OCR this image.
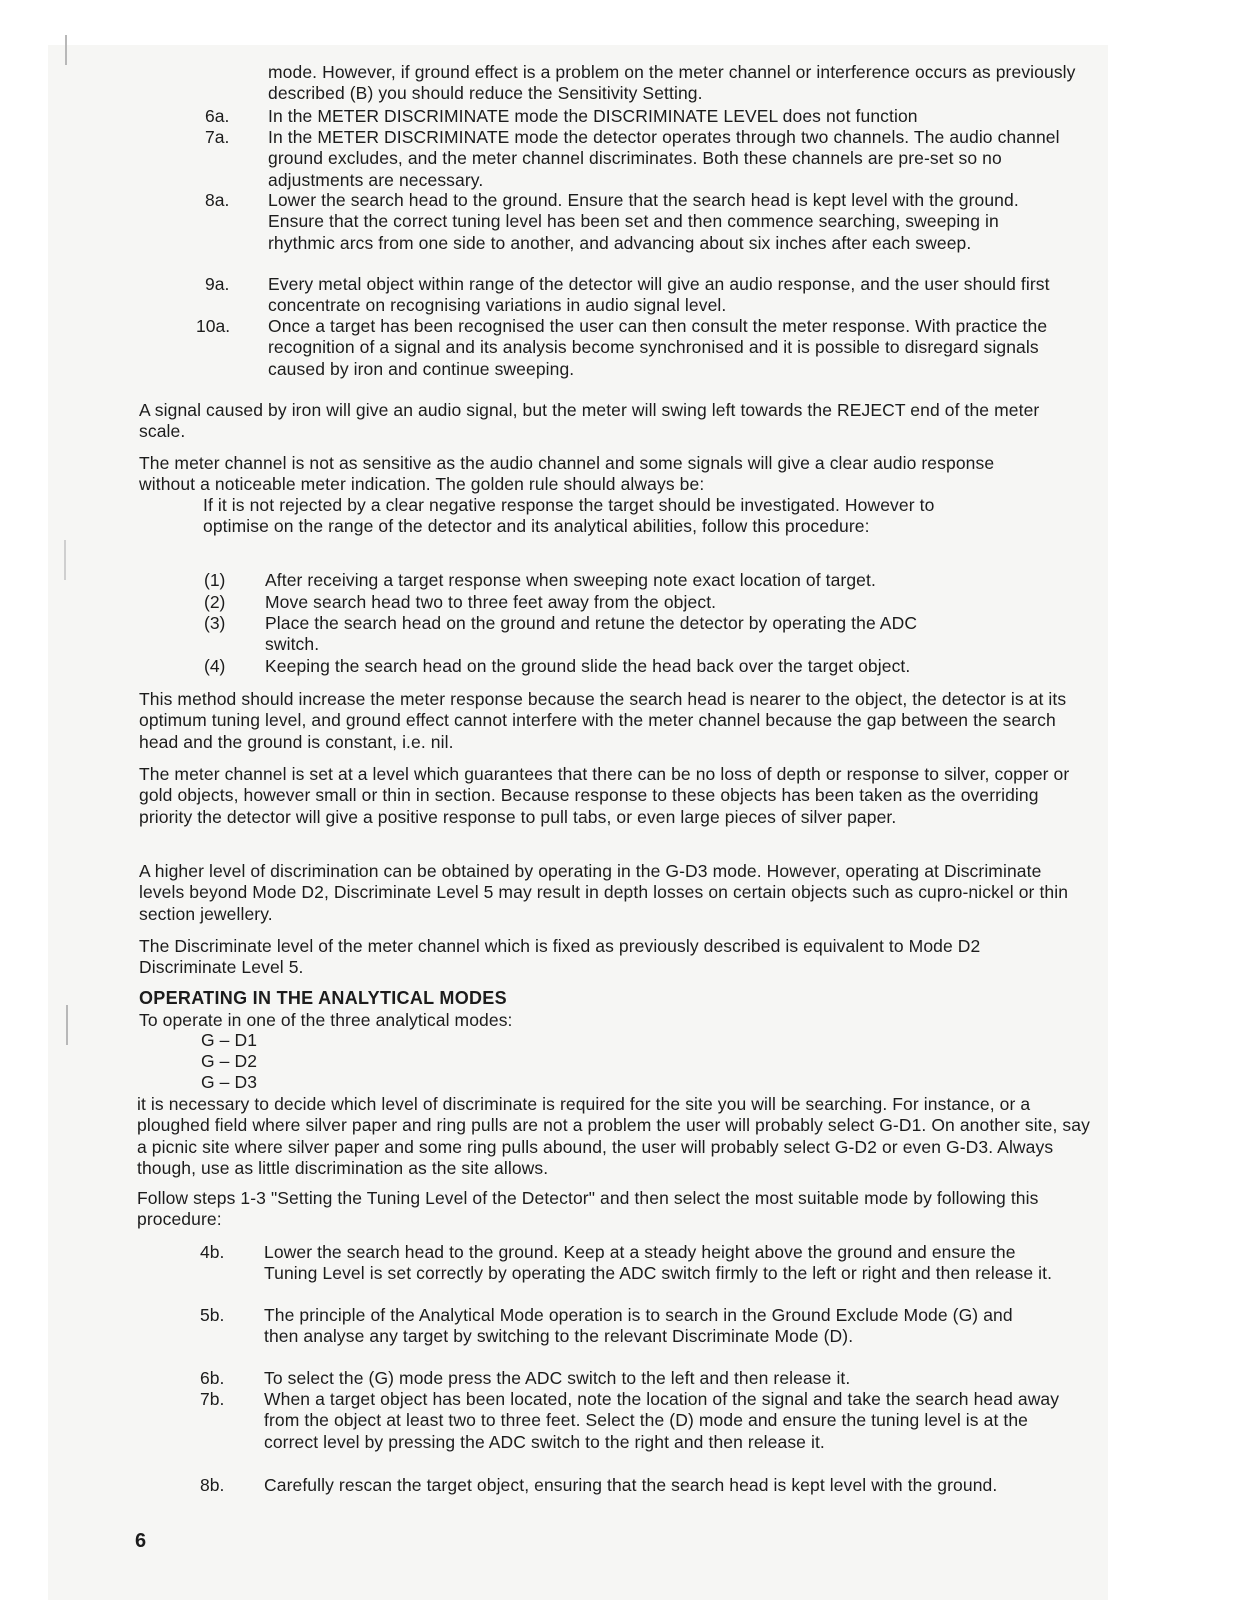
mode. However, if ground effect is a problem on the meter channel or interference occurs as previously described (B) you should reduce the Sensitivity Setting.
6a. In the METER DISCRIMINATE mode the DISCRIMINATE LEVEL does not function
7a. In the METER DISCRIMINATE mode the detector operates through two channels. The audio channel ground excludes, and the meter channel discriminates. Both these channels are pre-set so no adjustments are necessary.
8a. Lower the search head to the ground. Ensure that the search head is kept level with the ground. Ensure that the correct tuning level has been set and then commence searching, sweeping in rhythmic arcs from one side to another, and advancing about six inches after each sweep.
9a. Every metal object within range of the detector will give an audio response, and the user should first concentrate on recognising variations in audio signal level.
10a. Once a target has been recognised the user can then consult the meter response. With practice the recognition of a signal and its analysis become synchronised and it is possible to disregard signals caused by iron and continue sweeping.
A signal caused by iron will give an audio signal, but the meter will swing left towards the REJECT end of the meter scale.
The meter channel is not as sensitive as the audio channel and some signals will give a clear audio response without a noticeable meter indication. The golden rule should always be:
If it is not rejected by a clear negative response the target should be investigated. However to optimise on the range of the detector and its analytical abilities, follow this procedure:
(1) After receiving a target response when sweeping note exact location of target.
(2) Move search head two to three feet away from the object.
(3) Place the search head on the ground and retune the detector by operating the ADC switch.
(4) Keeping the search head on the ground slide the head back over the target object.
This method should increase the meter response because the search head is nearer to the object, the detector is at its optimum tuning level, and ground effect cannot interfere with the meter channel because the gap between the search head and the ground is constant, i.e. nil.
The meter channel is set at a level which guarantees that there can be no loss of depth or response to silver, copper or gold objects, however small or thin in section. Because response to these objects has been taken as the overriding priority the detector will give a positive response to pull tabs, or even large pieces of silver paper.
A higher level of discrimination can be obtained by operating in the G-D3 mode. However, operating at Discriminate levels beyond Mode D2, Discriminate Level 5 may result in depth losses on certain objects such as cupro-nickel or thin section jewellery.
The Discriminate level of the meter channel which is fixed as previously described is equivalent to Mode D2 Discriminate Level 5.
OPERATING IN THE ANALYTICAL MODES
To operate in one of the three analytical modes:
G – D1
G – D2
G – D3
it is necessary to decide which level of discriminate is required for the site you will be searching. For instance, or a ploughed field where silver paper and ring pulls are not a problem the user will probably select G-D1. On another site, say a picnic site where silver paper and some ring pulls abound, the user will probably select G-D2 or even G-D3. Always though, use as little discrimination as the site allows.
Follow steps 1-3 "Setting the Tuning Level of the Detector" and then select the most suitable mode by following this procedure:
4b. Lower the search head to the ground. Keep at a steady height above the ground and ensure the Tuning Level is set correctly by operating the ADC switch firmly to the left or right and then release it.
5b. The principle of the Analytical Mode operation is to search in the Ground Exclude Mode (G) and then analyse any target by switching to the relevant Discriminate Mode (D).
6b. To select the (G) mode press the ADC switch to the left and then release it.
7b. When a target object has been located, note the location of the signal and take the search head away from the object at least two to three feet. Select the (D) mode and ensure the tuning level is at the correct level by pressing the ADC switch to the right and then release it.
8b. Carefully rescan the target object, ensuring that the search head is kept level with the ground.
6
